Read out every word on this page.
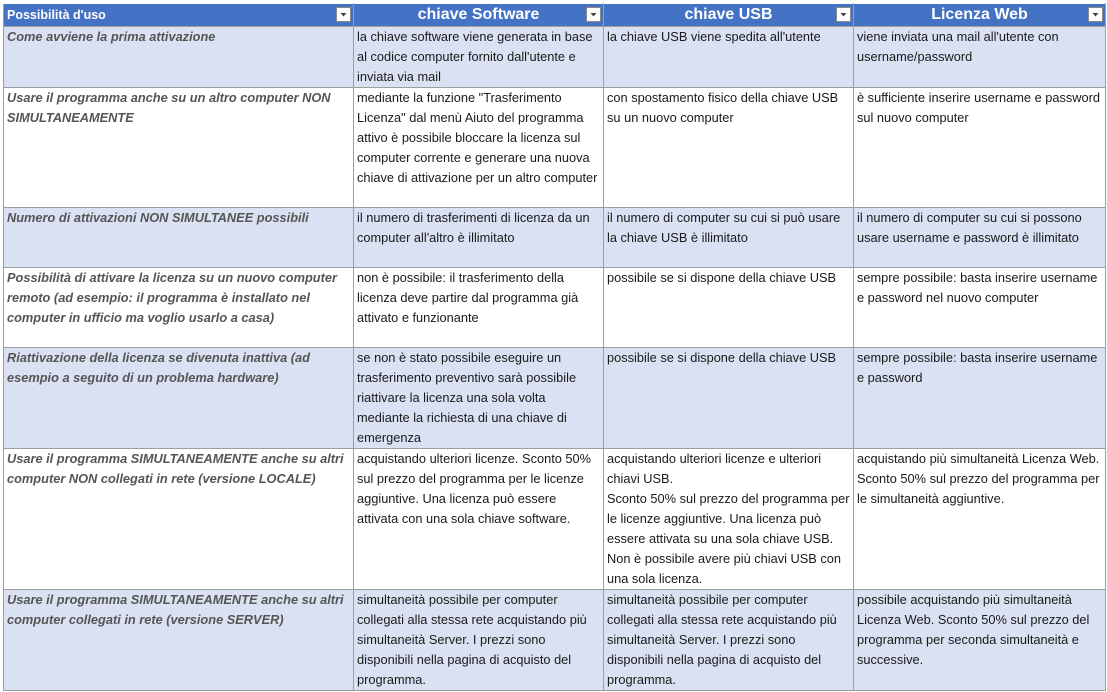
Possibilità d'uso	chiave Software	chiave USB	Licenza Web

Come avviene la prima attivazione	la chiave software viene generata in base al codice computer fornito dall'utente e inviata via mail	la chiave USB viene spedita all'utente	viene inviata una mail all'utente con username/password

Usare il programma anche su un altro computer NON SIMULTANEAMENTE	mediante la funzione "Trasferimento Licenza" dal menù Aiuto del programma attivo è possibile bloccare la licenza sul computer corrente e generare una nuova chiave di attivazione per un altro computer	con spostamento fisico della chiave USB su un nuovo computer	è sufficiente inserire username e password sul nuovo computer

Numero di attivazioni NON SIMULTANEE possibili	il numero di trasferimenti di licenza da un computer all'altro è illimitato	il numero di computer su cui si può usare la chiave USB è illimitato	il numero di computer su cui si possono usare username e password è illimitato

Possibilità di attivare la licenza su un nuovo computer remoto (ad esempio: il programma è installato nel computer in ufficio ma voglio usarlo a casa)	non è possibile: il trasferimento della licenza deve partire dal programma già attivato e funzionante	possibile se si dispone della chiave USB	sempre possibile: basta inserire username e password nel nuovo computer

Riattivazione della licenza se divenuta inattiva (ad esempio a seguito di un problema hardware)	se non è stato possibile eseguire un trasferimento preventivo sarà possibile riattivare la licenza una sola volta mediante la richiesta di una chiave di emergenza	possibile se si dispone della chiave USB	sempre possibile: basta inserire username e password

Usare il programma SIMULTANEAMENTE anche su altri computer NON collegati in rete (versione LOCALE)	acquistando ulteriori licenze. Sconto 50% sul prezzo del programma per le licenze aggiuntive. Una licenza può essere attivata con una sola chiave software.	acquistando ulteriori licenze e ulteriori chiavi USB.
Sconto 50% sul prezzo del programma per le licenze aggiuntive. Una licenza può essere attivata su una sola chiave USB. Non è possibile avere più chiavi USB con una sola licenza.	acquistando più simultaneità Licenza Web. Sconto 50% sul prezzo del programma per le simultaneità aggiuntive.

Usare il programma SIMULTANEAMENTE anche su altri computer collegati in rete (versione SERVER)	simultaneità possibile per computer collegati alla stessa rete acquistando più simultaneità Server. I prezzi sono disponibili nella pagina di acquisto del programma.	simultaneità possibile per computer collegati alla stessa rete acquistando più simultaneità Server. I prezzi sono disponibili nella pagina di acquisto del programma.	possibile acquistando più simultaneità Licenza Web. Sconto 50% sul prezzo del programma per seconda simultaneità e successive.
